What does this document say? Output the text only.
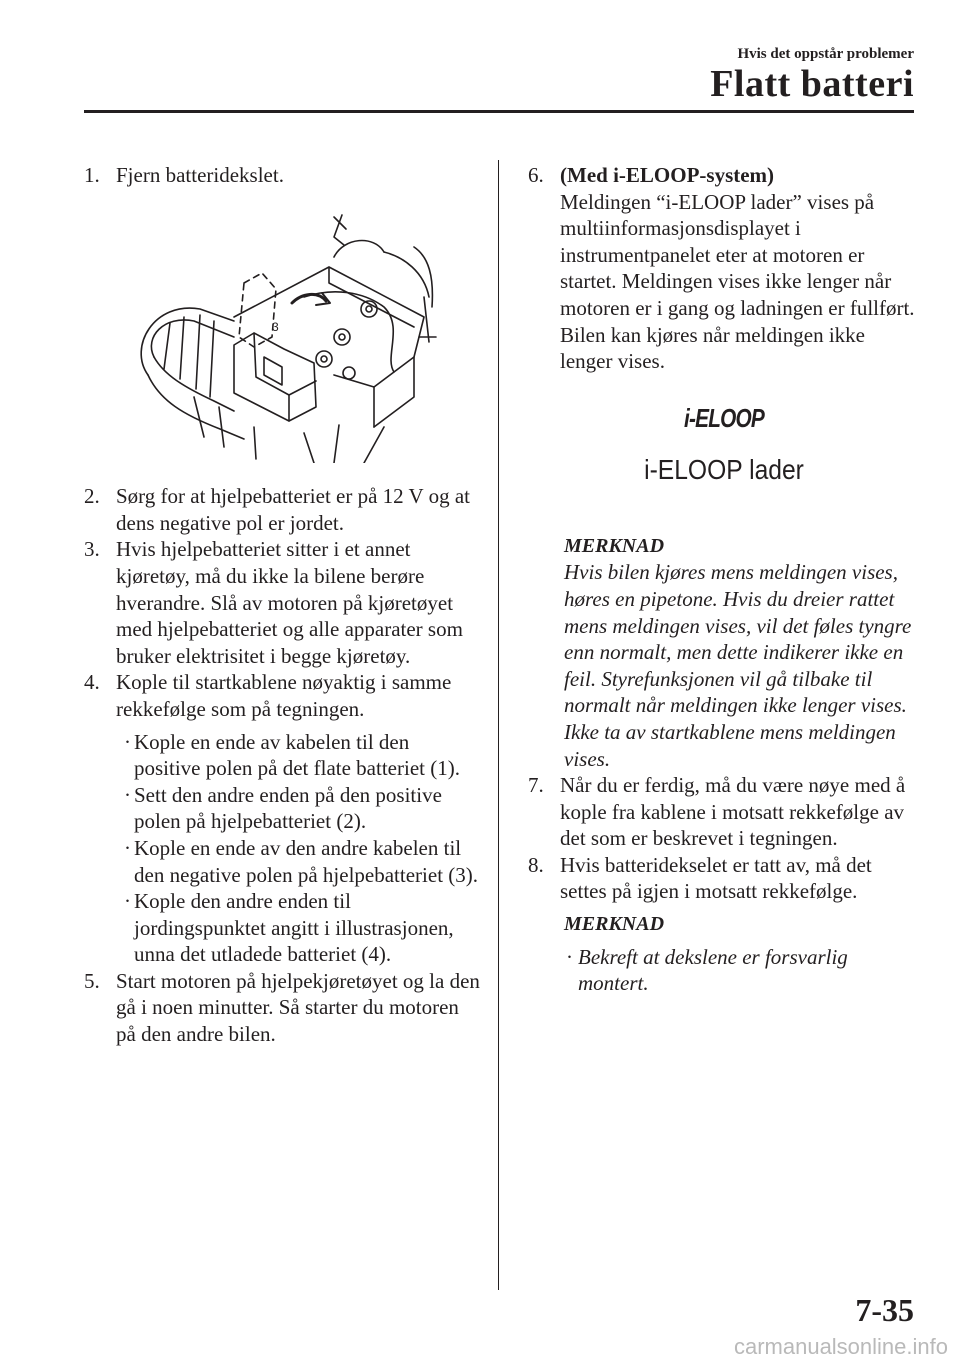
Hvis det oppstår problemer
Flatt batteri
1. Fjern batteridekslet.
3
2. Sørg for at hjelpebatteriet er på 12 V og at dens negative pol er jordet.
3. Hvis hjelpebatteriet sitter i et annet kjøretøy, må du ikke la bilene berøre hverandre. Slå av motoren på kjøretøyet med hjelpebatteriet og alle apparater som bruker elektrisitet i begge kjøretøy.
4. Kople til startkablene nøyaktig i samme rekkefølge som på tegningen.
· Kople en ende av kabelen til den positive polen på det flate batteriet (1).
· Sett den andre enden på den positive polen på hjelpebatteriet (2).
· Kople en ende av den andre kabelen til den negative polen på hjelpebatteriet (3).
· Kople den andre enden til jordingspunktet angitt i illustrasjonen, unna det utladede batteriet (4).
5. Start motoren på hjelpekjøretøyet og la den gå i noen minutter. Så starter du motoren på den andre bilen.
6. (Med i-ELOOP-system)
Meldingen “i-ELOOP lader” vises på multiinformasjonsdisplayet i instrumentpanelet eter at motoren er startet. Meldingen vises ikke lenger når motoren er i gang og ladningen er fullført. Bilen kan kjøres når meldingen ikke lenger vises.
i-ELOOP
i-ELOOP lader
MERKNAD
Hvis bilen kjøres mens meldingen vises, høres en pipetone. Hvis du dreier rattet mens meldingen vises, vil det føles tyngre enn normalt, men dette indikerer ikke en feil. Styrefunksjonen vil gå tilbake til normalt når meldingen ikke lenger vises. Ikke ta av startkablene mens meldingen vises.
7. Når du er ferdig, må du være nøye med å kople fra kablene i motsatt rekkefølge av det som er beskrevet i tegningen.
8. Hvis batteridekselet er tatt av, må det settes på igjen i motsatt rekkefølge.
MERKNAD
· Bekreft at dekslene er forsvarlig montert.
7-35
carmanualsonline.info
